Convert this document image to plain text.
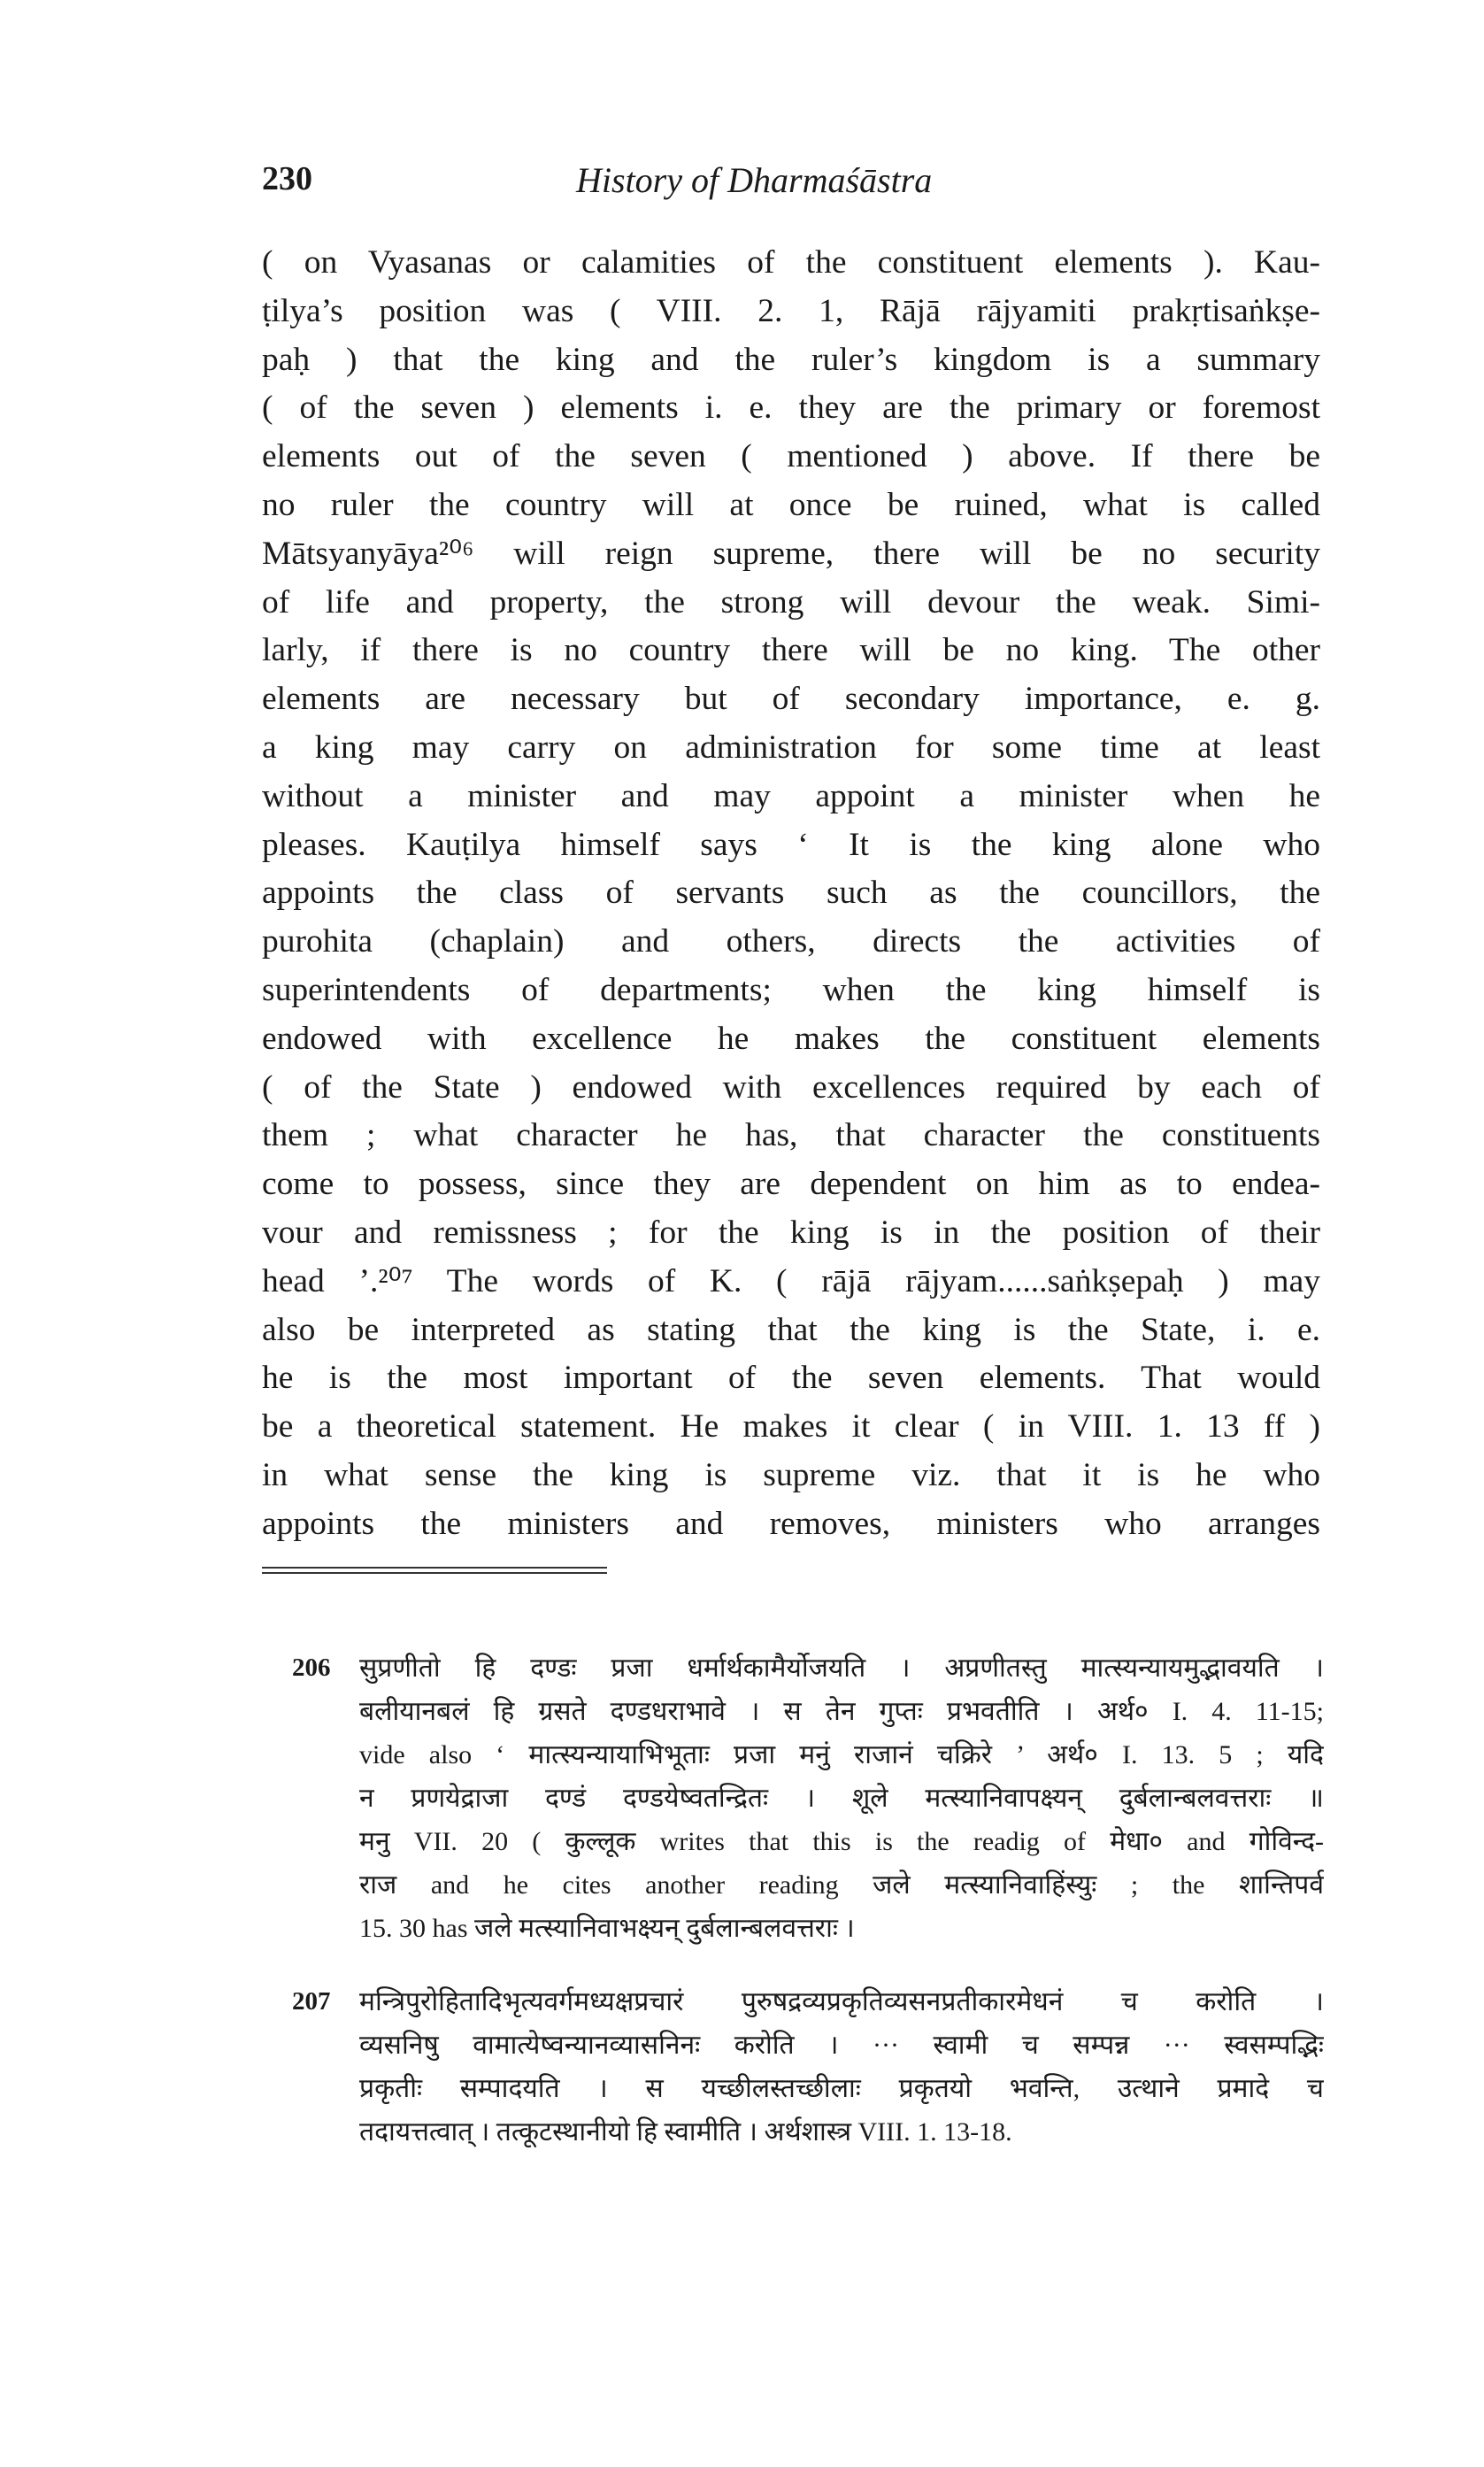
230	History of Dharmaśāstra
( on Vyasanas or calamities of the constituent elements ). Kau-
ṭilya’s position was ( VIII. 2. 1, Rājā rājyamiti prakṛtisaṅkṣe-
paḥ ) that the king and the ruler’s kingdom is a summary
( of the seven ) elements i. e. they are the primary or foremost
elements out of the seven ( mentioned ) above. If there be
no ruler the country will at once be ruined, what is called
Mātsyanyāya²⁰⁶ will reign supreme, there will be no security
of life and property, the strong will devour the weak. Simi-
larly, if there is no country there will be no king. The other
elements are necessary but of secondary importance, e. g.
a king may carry on administration for some time at least
without a minister and may appoint a minister when he
pleases. Kauṭilya himself says ‘ It is the king alone who
appoints the class of servants such as the councillors, the
purohita (chaplain) and others, directs the activities of
superintendents of departments; when the king himself is
endowed with excellence he makes the constituent elements
( of the State ) endowed with excellences required by each of
them ; what character he has, that character the constituents
come to possess, since they are dependent on him as to endea-
vour and remissness ; for the king is in the position of their
head ’.²⁰⁷ The words of K. ( rājā rājyam......saṅkṣepaḥ ) may
also be interpreted as stating that the king is the State, i. e.
he is the most important of the seven elements. That would
be a theoretical statement. He makes it clear ( in VIII. 1. 13 ff )
in what sense the king is supreme viz. that it is he who
appoints the ministers and removes, ministers who arranges
206 सुप्रणीतो हि दण्डः प्रजा धर्मार्थकामैर्योजयति । अप्रणीतस्तु मात्स्यन्यायमुद्भावयति ।
बलीयानबलं हि ग्रसते दण्डधराभावे । स तेन गुप्तः प्रभवतीति । अर्थ० I. 4. 11-15;
vide also ‘ मात्स्यन्यायाभिभूताः प्रजा मनुं राजानं चक्रिरे ’ अर्थ० I. 13. 5 ; यदि
न प्रणयेद्राजा दण्डं दण्डयेष्वतन्द्रितः । शूले मत्स्यानिवापक्ष्यन् दुर्बलान्बलवत्तराः ॥
मनु VII. 20 ( कुल्लूक writes that this is the readig of मेधा० and गोविन्द-
राज and he cites another reading जले मत्स्यानिवाहिंस्युः ; the शान्तिपर्व
15. 30 has जले मत्स्यानिवाभक्ष्यन् दुर्बलान्बलवत्तराः ।
207 मन्त्रिपुरोहितादिभृत्यवर्गमध्यक्षप्रचारं पुरुषद्रव्यप्रकृतिव्यसनप्रतीकारमेधनं च करोति ।
व्यसनिषु वामात्येष्वन्यानव्यासनिनः करोति । ··· स्वामी च सम्पन्न ··· स्वसम्पद्भिः
प्रकृतीः सम्पादयति । स यच्छीलस्तच्छीलाः प्रकृतयो भवन्ति, उत्थाने प्रमादे च
तदायत्तत्वात् । तत्कूटस्थानीयो हि स्वामीति । अर्थशास्त्र VIII. 1. 13-18.
